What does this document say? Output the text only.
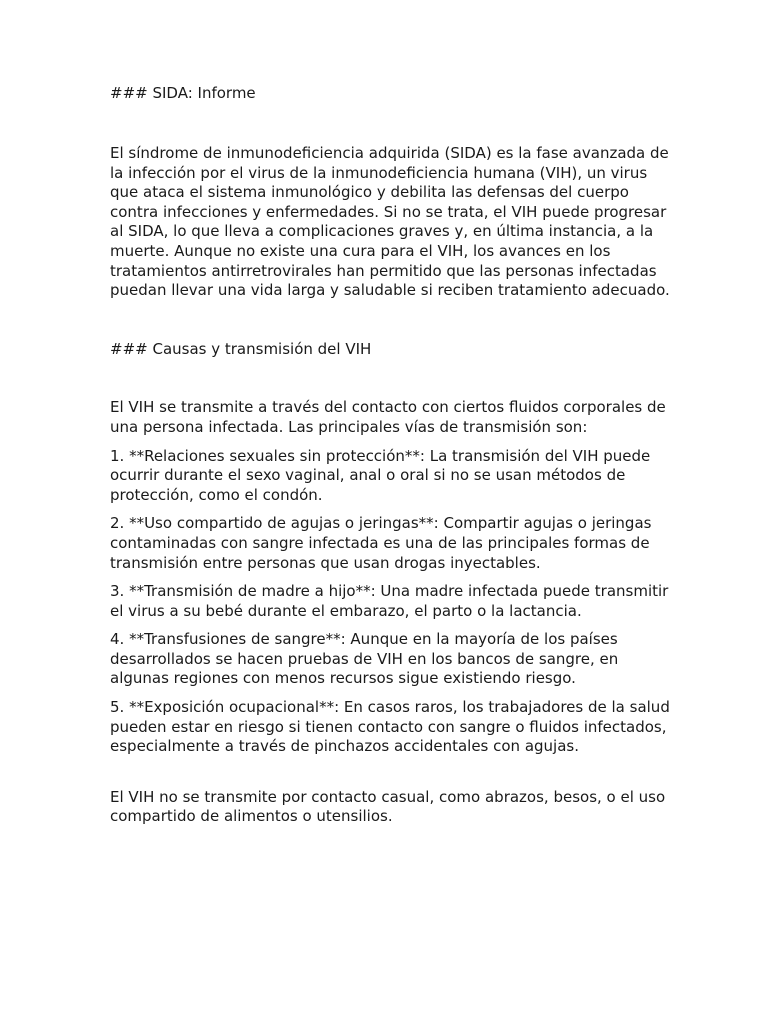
### SIDA: Informe

El síndrome de inmunodeficiencia adquirida (SIDA) es la fase avanzada de la infección por el virus de la inmunodeficiencia humana (VIH), un virus que ataca el sistema inmunológico y debilita las defensas del cuerpo contra infecciones y enfermedades. Si no se trata, el VIH puede progresar al SIDA, lo que lleva a complicaciones graves y, en última instancia, a la muerte. Aunque no existe una cura para el VIH, los avances en los tratamientos antirretrovirales han permitido que las personas infectadas puedan llevar una vida larga y saludable si reciben tratamiento adecuado.

### Causas y transmisión del VIH

El VIH se transmite a través del contacto con ciertos fluidos corporales de una persona infectada. Las principales vías de transmisión son:

1. **Relaciones sexuales sin protección**: La transmisión del VIH puede ocurrir durante el sexo vaginal, anal o oral si no se usan métodos de protección, como el condón.
2. **Uso compartido de agujas o jeringas**: Compartir agujas o jeringas contaminadas con sangre infectada es una de las principales formas de transmisión entre personas que usan drogas inyectables.
3. **Transmisión de madre a hijo**: Una madre infectada puede transmitir el virus a su bebé durante el embarazo, el parto o la lactancia.
4. **Transfusiones de sangre**: Aunque en la mayoría de los países desarrollados se hacen pruebas de VIH en los bancos de sangre, en algunas regiones con menos recursos sigue existiendo riesgo.
5. **Exposición ocupacional**: En casos raros, los trabajadores de la salud pueden estar en riesgo si tienen contacto con sangre o fluidos infectados, especialmente a través de pinchazos accidentales con agujas.

El VIH no se transmite por contacto casual, como abrazos, besos, o el uso compartido de alimentos o utensilios.
